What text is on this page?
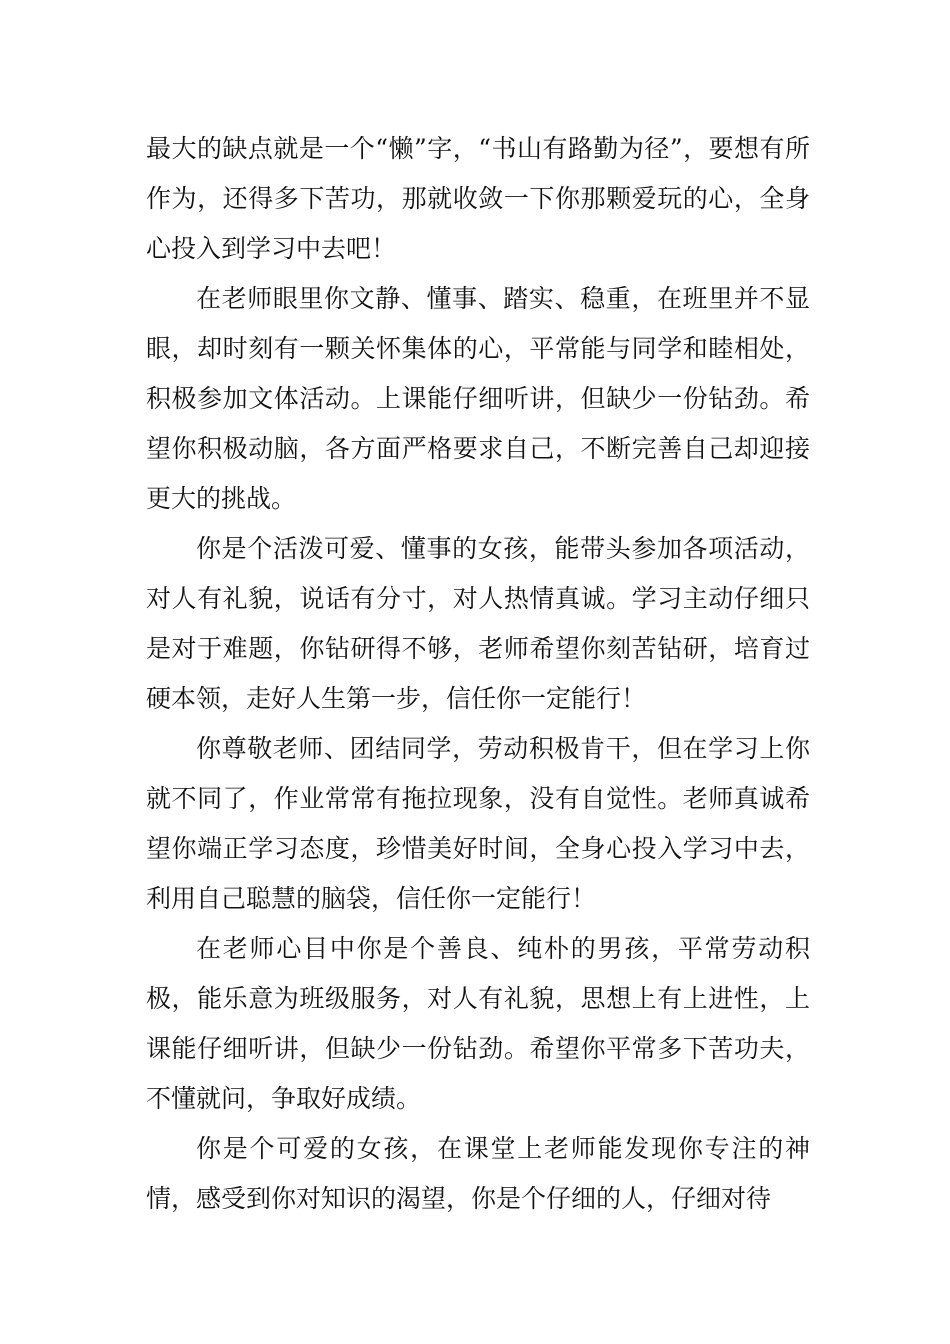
最大的缺点就是一个“懒”字，“书山有路勤为径”，要想有所作为，还得多下苦功，那就收敛一下你那颗爱玩的心，全身心投入到学习中去吧！

在老师眼里你文静、懂事、踏实、稳重，在班里并不显眼，却时刻有一颗关怀集体的心，平常能与同学和睦相处，积极参加文体活动。上课能仔细听讲，但缺少一份钻劲。希望你积极动脑，各方面严格要求自己，不断完善自己却迎接更大的挑战。

你是个活泼可爱、懂事的女孩，能带头参加各项活动，对人有礼貌，说话有分寸，对人热情真诚。学习主动仔细只是对于难题，你钻研得不够，老师希望你刻苦钻研，培育过硬本领，走好人生第一步，信任你一定能行！

你尊敬老师、团结同学，劳动积极肯干，但在学习上你就不同了，作业常常有拖拉现象，没有自觉性。老师真诚希望你端正学习态度，珍惜美好时间，全身心投入学习中去，利用自己聪慧的脑袋，信任你一定能行！

在老师心目中你是个善良、纯朴的男孩，平常劳动积极，能乐意为班级服务，对人有礼貌，思想上有上进性，上课能仔细听讲，但缺少一份钻劲。希望你平常多下苦功夫，不懂就问，争取好成绩。

你是个可爱的女孩，在课堂上老师能发现你专注的神情，感受到你对知识的渴望，你是个仔细的人，仔细对待
